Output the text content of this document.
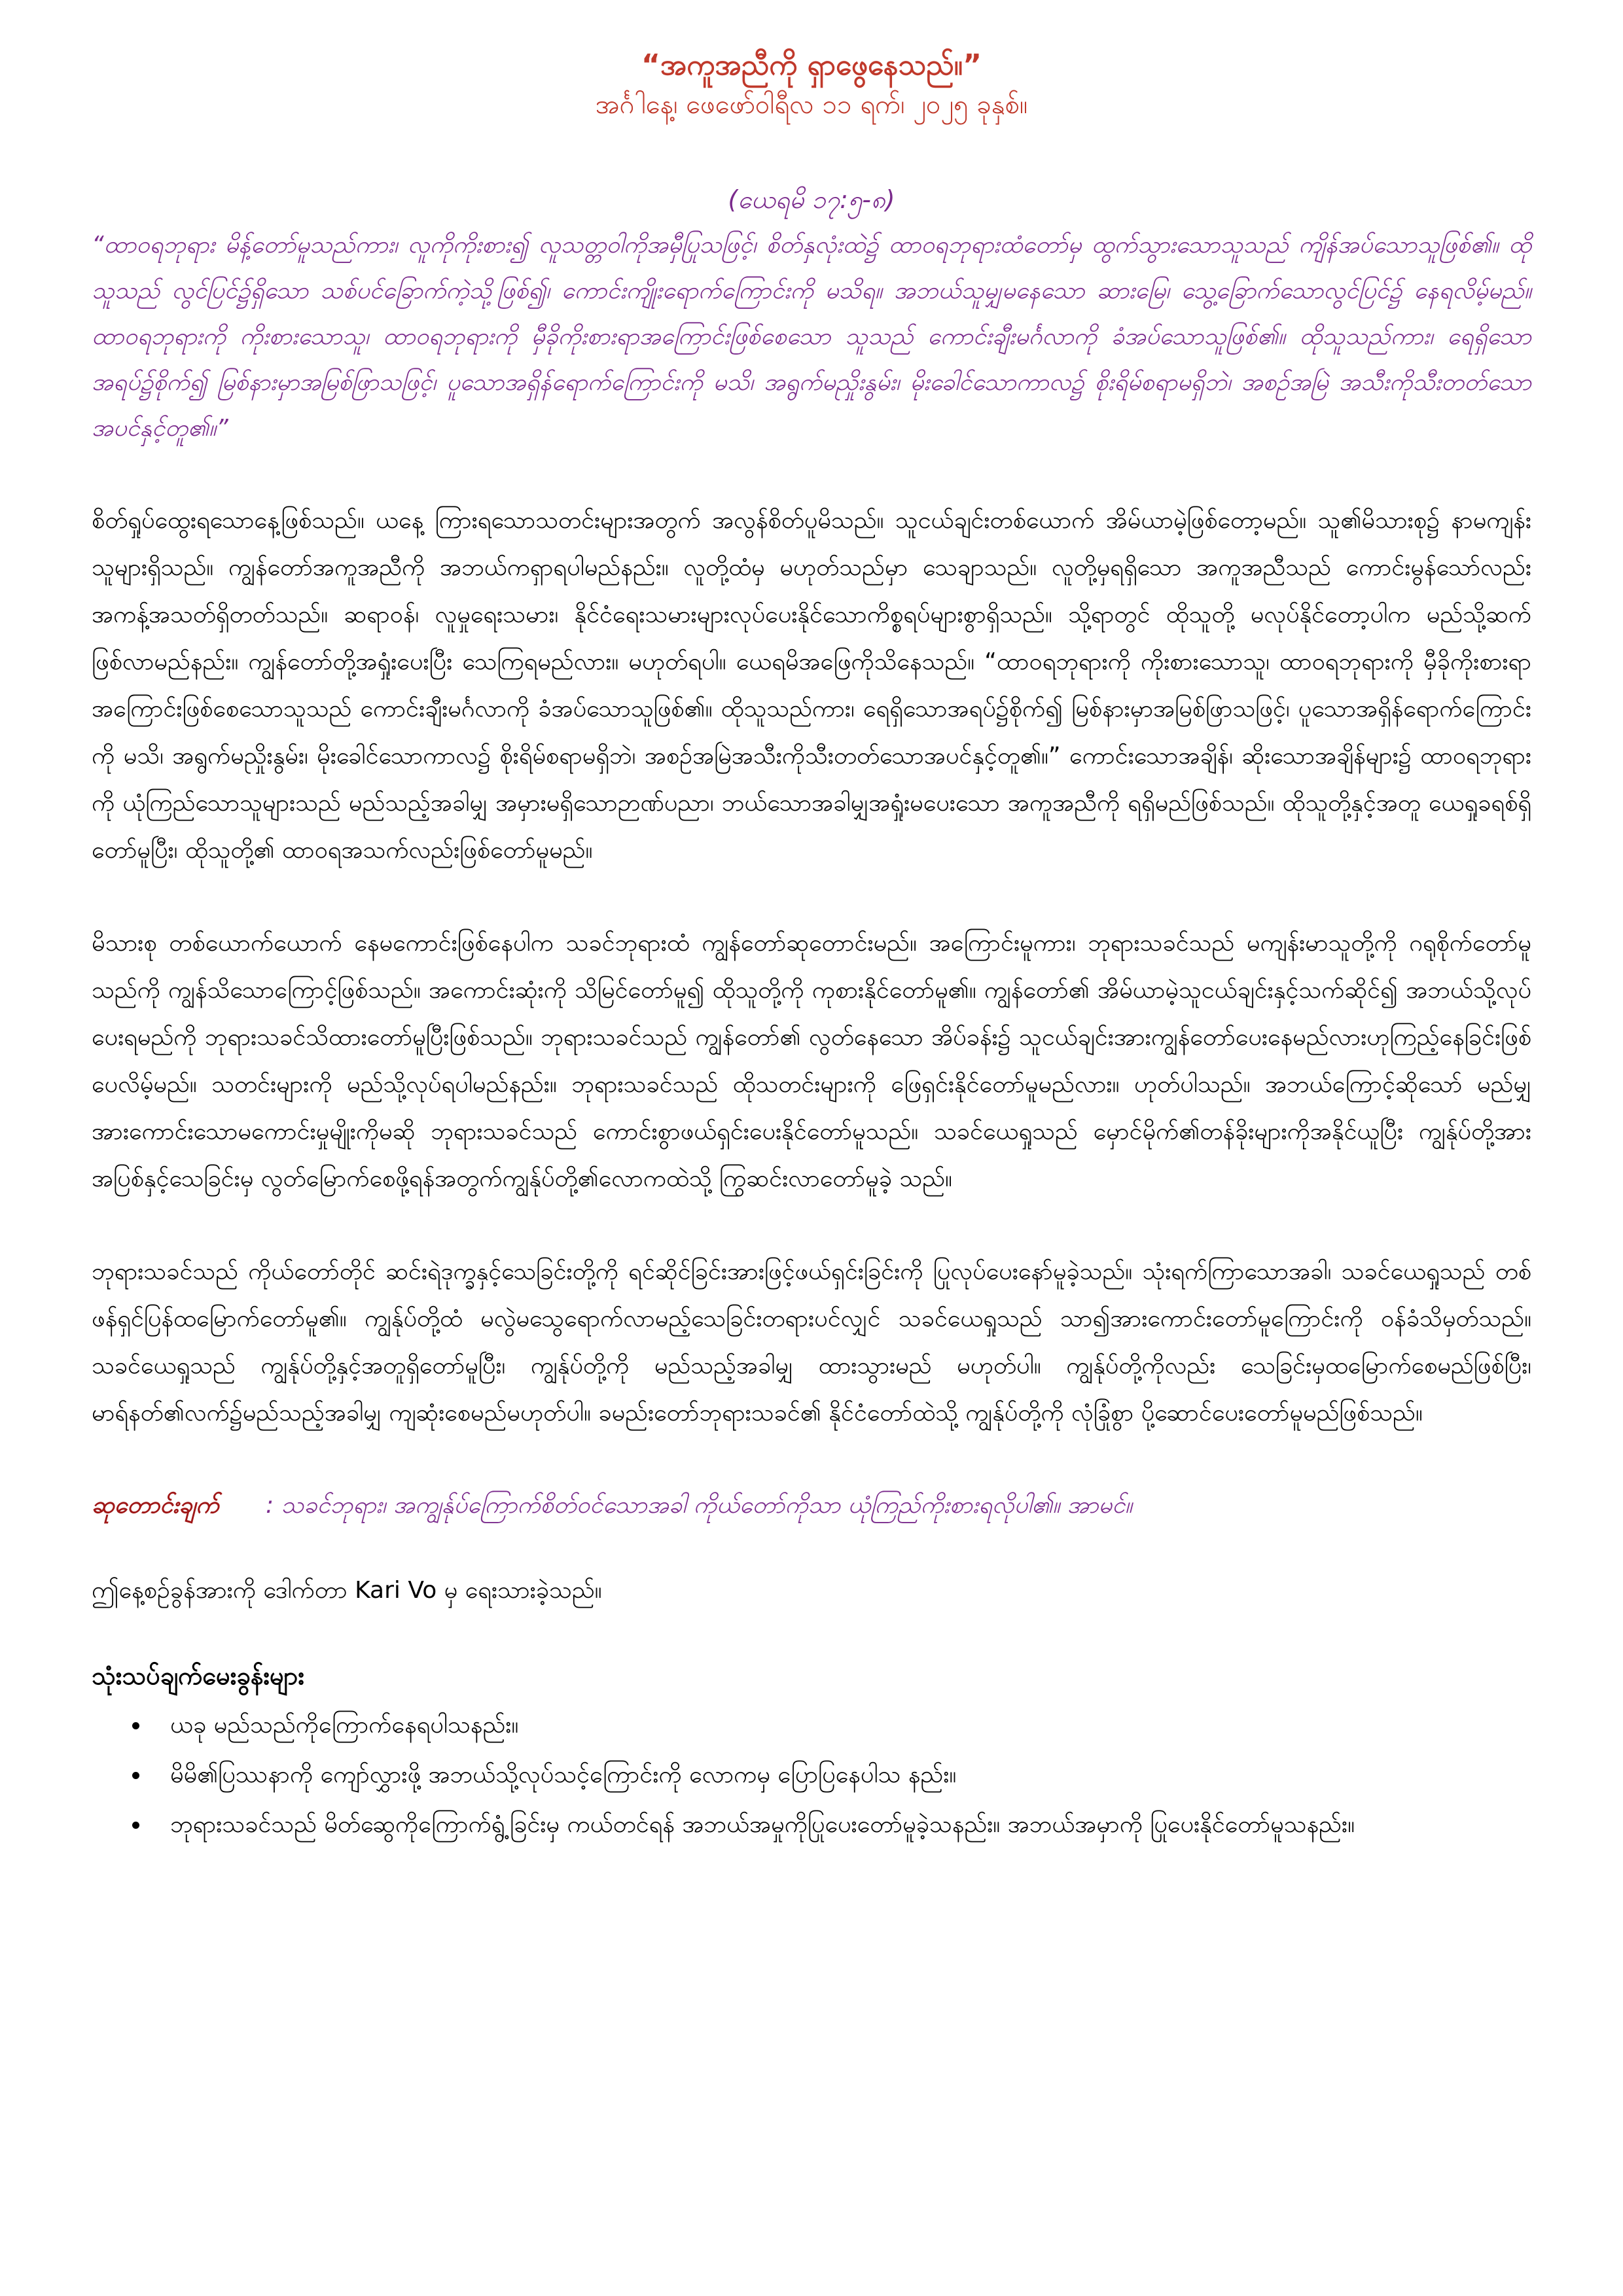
“အကူအညီကို ရှာဖွေနေသည်။”

အင်္ဂါနေ့၊ ဖေဖော်ဝါရီလ ၁၁ ရက်၊ ၂၀၂၅ ခုနှစ်။

(ယေရမိ ၁၇:၅-၈)

“ထာဝရဘုရား မိန့်တော်မူသည်ကား၊ လူကိုကိုးစား၍ လူသတ္တဝါကိုအမှီပြုသဖြင့်၊ စိတ်နှလုံးထဲ၌ ထာဝရဘုရားထံတော်မှ ထွက်သွားသောသူသည် ကျိန်အပ်သောသူဖြစ်၏။ ထိုသူသည် လွင်ပြင်၌ရှိသော သစ်ပင်ခြောက်ကဲ့သို့ဖြစ်၍၊ ကောင်းကျိုးရောက်ကြောင်းကို မသိရ။ အဘယ်သူမျှမနေသော ဆားမြေ၊ သွေ့ခြောက်သောလွင်ပြင်၌ နေရလိမ့်မည်။ ထာဝရဘုရားကို ကိုးစားသောသူ၊ ထာဝရဘုရားကို မှီခိုကိုးစားရာအကြောင်းဖြစ်စေသော သူသည် ကောင်းချီးမင်္ဂလာကို ခံအပ်သောသူဖြစ်၏။ ထိုသူသည်ကား၊ ရေရှိသောအရပ်၌စိုက်၍ မြစ်နားမှာအမြစ်ဖြာသဖြင့်၊ ပူသောအရှိန်ရောက်ကြောင်းကို မသိ၊ အရွက်မညှိုးနွမ်း၊ မိုးခေါင်သောကာလ၌ စိုးရိမ်စရာမရှိဘဲ၊ အစဉ်အမြဲ အသီးကိုသီးတတ်သော အပင်နှင့်တူ၏။”

စိတ်ရှုပ်ထွေးရသောနေ့ဖြစ်သည်။ ယနေ့ ကြားရသောသတင်းများအတွက် အလွန်စိတ်ပူမိသည်။ သူငယ်ချင်းတစ်ယောက် အိမ်ယာမဲ့ဖြစ်တော့မည်။ သူ၏မိသားစု၌ နာမကျန်းသူများရှိသည်။ ကျွန်တော်အကူအညီကို အဘယ်ကရှာရပါမည်နည်း။ လူတို့ထံမှ မဟုတ်သည်မှာ သေချာသည်။ လူတို့မှရရှိသော အကူအညီသည် ကောင်းမွန်သော်လည်း အကန့်အသတ်ရှိတတ်သည်။ ဆရာဝန်၊ လူမှုရေးသမား၊ နိုင်ငံရေးသမားများလုပ်ပေးနိုင်သောကိစ္စရပ်များစွာရှိသည်။ သို့ရာတွင် ထိုသူတို့ မလုပ်နိုင်တော့ပါက မည်သို့ဆက်ဖြစ်လာမည်နည်း။ ကျွန်တော်တို့အရှုံးပေးပြီး သေကြရမည်လား။ မဟုတ်ရပါ။ ယေရမိအဖြေကိုသိနေသည်။ “ထာဝရဘုရားကို ကိုးစားသောသူ၊ ထာဝရဘုရားကို မှီခိုကိုးစားရာအကြောင်းဖြစ်စေသောသူသည် ကောင်းချီးမင်္ဂလာကို ခံအပ်သောသူဖြစ်၏။ ထိုသူသည်ကား၊ ရေရှိသောအရပ်၌စိုက်၍ မြစ်နားမှာအမြစ်ဖြာသဖြင့်၊ ပူသောအရှိန်ရောက်ကြောင်းကို မသိ၊ အရွက်မညှိုးနွမ်း၊ မိုးခေါင်သောကာလ၌ စိုးရိမ်စရာမရှိဘဲ၊ အစဉ်အမြဲအသီးကိုသီးတတ်သောအပင်နှင့်တူ၏။” ကောင်းသောအချိန်၊ ဆိုးသောအချိန်များ၌ ထာဝရဘုရားကို ယုံကြည်သောသူများသည် မည်သည့်အခါမျှ အမှားမရှိသောဉာဏ်ပညာ၊ ဘယ်သောအခါမျှအရှုံးမပေးသော အကူအညီကို ရရှိမည်ဖြစ်သည်။ ထိုသူတို့နှင့်အတူ ယေရှုခရစ်ရှိ တော်မူပြီး၊ ထိုသူတို့၏ ထာဝရအသက်လည်းဖြစ်တော်မူမည်။

မိသားစု တစ်ယောက်ယောက် နေမကောင်းဖြစ်နေပါက သခင်ဘုရားထံ ကျွန်တော်ဆုတောင်းမည်။ အကြောင်းမူကား၊ ဘုရားသခင်သည် မကျန်းမာသူတို့ကို ဂရုစိုက်တော်မူသည်ကို ကျွန်သိသောကြောင့်ဖြစ်သည်။ အကောင်းဆုံးကို သိမြင်တော်မူ၍ ထိုသူတို့ကို ကုစားနိုင်တော်မူ၏။ ကျွန်တော်၏ အိမ်ယာမဲ့သူငယ်ချင်းနှင့်သက်ဆိုင်၍ အဘယ်သို့လုပ်ပေးရမည်ကို ဘုရားသခင်သိထားတော်မူပြီးဖြစ်သည်။ ဘုရားသခင်သည် ကျွန်တော်၏ လွတ်နေသော အိပ်ခန်း၌ သူငယ်ချင်းအားကျွန်တော်ပေးနေမည်လားဟုကြည့်နေခြင်းဖြစ်ပေလိမ့်မည်။ သတင်းများကို မည်သို့လုပ်ရပါမည်နည်း။ ဘုရားသခင်သည် ထိုသတင်းများကို ဖြေရှင်းနိုင်တော်မူမည်လား။ ဟုတ်ပါသည်။ အဘယ်ကြောင့်ဆိုသော် မည်မျှအားကောင်းသောမကောင်းမှုမျိုးကိုမဆို ဘုရားသခင်သည် ကောင်းစွာဖယ်ရှင်းပေးနိုင်တော်မူသည်။ သခင်ယေရှုသည် မှောင်မိုက်၏တန်ခိုးများကိုအနိုင်ယူပြီး ကျွန်ုပ်တို့အား အပြစ်နှင့်သေခြင်းမှ လွတ်မြောက်စေဖို့ရန်အတွက်ကျွန်ုပ်တို့၏လောကထဲသို့ ကြွဆင်းလာတော်မူခဲ့ သည်။

ဘုရားသခင်သည် ကိုယ်တော်တိုင် ဆင်းရဲဒုက္ခနှင့်သေခြင်းတို့ကို ရင်ဆိုင်ခြင်းအားဖြင့်ဖယ်ရှင်းခြင်းကို ပြုလုပ်ပေးနော်မူခဲ့သည်။ သုံးရက်ကြာသောအခါ၊ သခင်ယေရှုသည် တစ်ဖန်ရှင်ပြန်ထမြောက်တော်မူ၏။ ကျွန်ုပ်တို့ထံ မလွဲမသွေရောက်လာမည့်သေခြင်းတရားပင်လျှင် သခင်ယေရှုသည် သာ၍အားကောင်းတော်မူကြောင်းကို ဝန်ခံသိမှတ်သည်။ သခင်ယေရှုသည် ကျွန်ုပ်တို့နှင့်အတူရှိတော်မူပြီး၊ ကျွန်ုပ်တို့ကို မည်သည့်အခါမျှ ထားသွားမည် မဟုတ်ပါ။ ကျွန်ုပ်တို့ကိုလည်း သေခြင်းမှထမြောက်စေမည်ဖြစ်ပြီး၊ မာရ်နတ်၏လက်၌မည်သည့်အခါမျှ ကျဆုံးစေမည်မဟုတ်ပါ။ ခမည်းတော်ဘုရားသခင်၏ နိုင်ငံတော်ထဲသို့ ကျွန်ုပ်တို့ကို လုံခြုံစွာ ပို့ဆောင်ပေးတော်မူမည်ဖြစ်သည်။

ဆုတောင်းချက် : သခင်ဘုရား၊ အကျွန်ုပ်ကြောက်စိတ်ဝင်သောအခါ ကိုယ်တော်ကိုသာ ယုံကြည်ကိုးစားရလိုပါ၏။ အာမင်။

ဤနေ့စဉ်ခွန်အားကို ဒေါက်တာ Kari Vo မှ ရေးသားခဲ့သည်။

သုံးသပ်ချက်မေးခွန်းများ

• ယခု မည်သည်ကိုကြောက်နေရပါသနည်း။
• မိမိ၏ပြဿနာကို ကျော်လွှားဖို့ အဘယ်သို့လုပ်သင့်ကြောင်းကို လောကမှ ပြောပြနေပါသ နည်း။
• ဘုရားသခင်သည် မိတ်ဆွေကိုကြောက်ရွံ့ခြင်းမှ ကယ်တင်ရန် အဘယ်အမှုကိုပြုပေးတော်မူခဲ့သနည်း။ အဘယ်အမှာကို ပြုပေးနိုင်တော်မူသနည်း။
